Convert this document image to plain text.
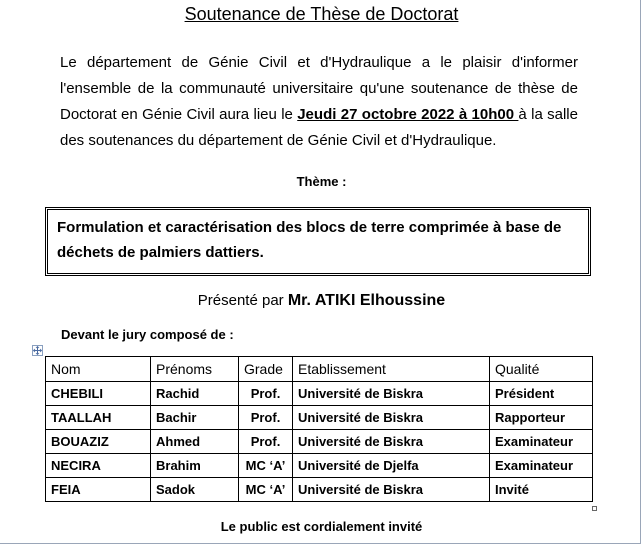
Soutenance de Thèse de Doctorat
Le département de Génie Civil et d'Hydraulique a le plaisir d'informer l'ensemble de la communauté universitaire qu'une soutenance de thèse de Doctorat en Génie Civil aura lieu le Jeudi 27 octobre 2022 à 10h00 à la salle des soutenances du département de Génie Civil et d'Hydraulique.
Thème :
Formulation et caractérisation des blocs de terre comprimée à base de déchets de palmiers dattiers.
Présenté par Mr. ATIKI Elhoussine
Devant le jury composé de :
Nom	Prénoms	Grade	Etablissement	Qualité
CHEBILI	Rachid	Prof.	Université de Biskra	Président
TAALLAH	Bachir	Prof.	Université de Biskra	Rapporteur
BOUAZIZ	Ahmed	Prof.	Université de Biskra	Examinateur
NECIRA	Brahim	MC ‘A’	Université de Djelfa	Examinateur
FEIA	Sadok	MC ‘A’	Université de Biskra	Invité
Le public est cordialement invité
